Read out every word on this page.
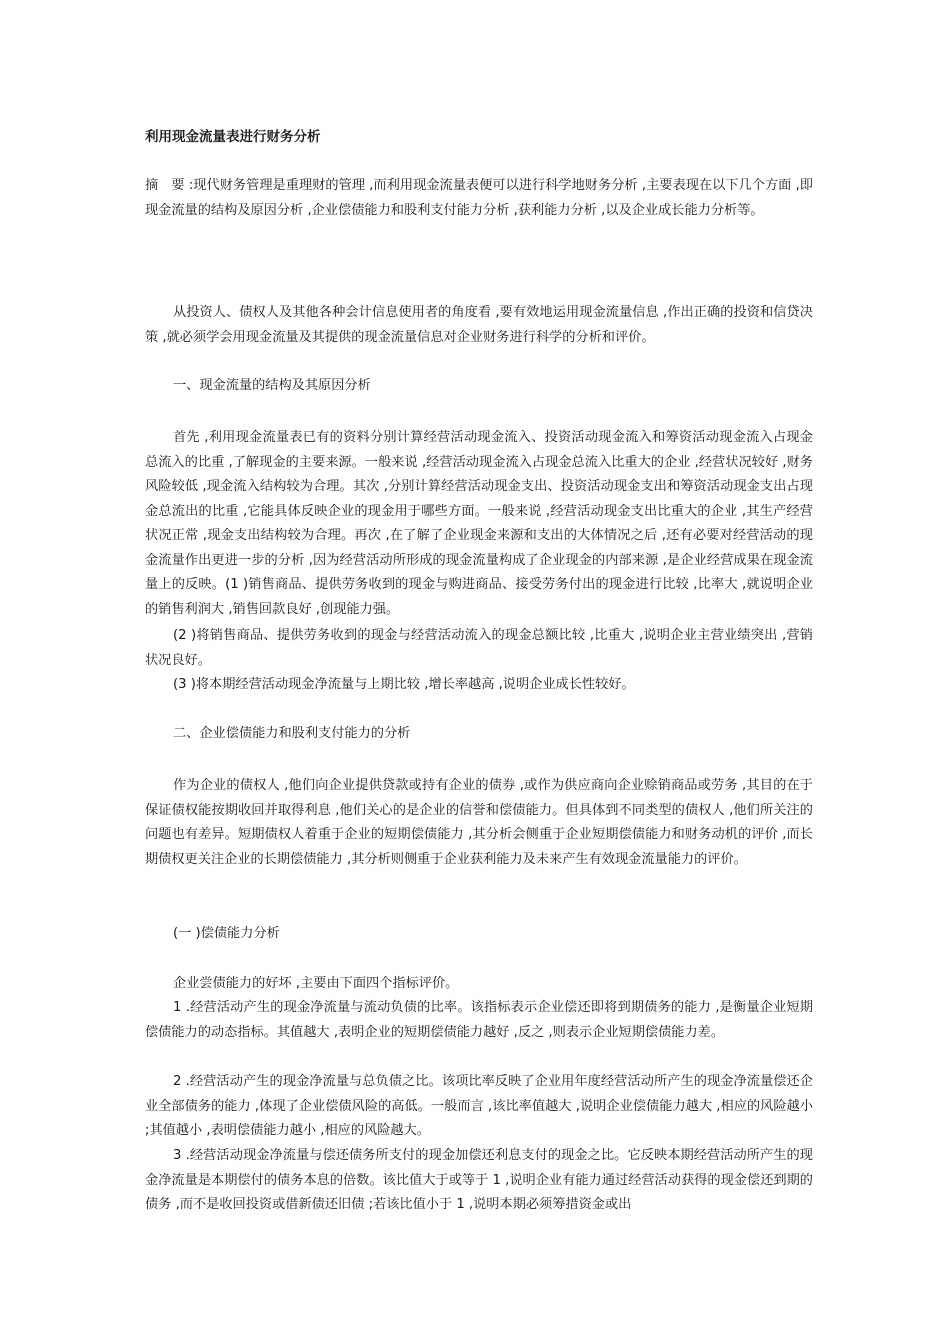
利用现金流量表进行财务分析

摘　要 :现代财务管理是重理财的管理 ,而利用现金流量表便可以进行科学地财务分析 ,主要表现在以下几个方面 ,即现金流量的结构及原因分析 ,企业偿债能力和股利支付能力分析 ,获利能力分析 ,以及企业成长能力分析等。

从投资人、债权人及其他各种会计信息使用者的角度看 ,要有效地运用现金流量信息 ,作出正确的投资和信贷决策 ,就必须学会用现金流量及其提供的现金流量信息对企业财务进行科学的分析和评价。

一、现金流量的结构及其原因分析

首先 ,利用现金流量表已有的资料分别计算经营活动现金流入、投资活动现金流入和筹资活动现金流入占现金总流入的比重 ,了解现金的主要来源。一般来说 ,经营活动现金流入占现金总流入比重大的企业 ,经营状况较好 ,财务风险较低 ,现金流入结构较为合理。其次 ,分别计算经营活动现金支出、投资活动现金支出和筹资活动现金支出占现金总流出的比重 ,它能具体反映企业的现金用于哪些方面。一般来说 ,经营活动现金支出比重大的企业 ,其生产经营状况正常 ,现金支出结构较为合理。再次 ,在了解了企业现金来源和支出的大体情况之后 ,还有必要对经营活动的现金流量作出更进一步的分析 ,因为经营活动所形成的现金流量构成了企业现金的内部来源 ,是企业经营成果在现金流量上的反映。(1 )销售商品、提供劳务收到的现金与购进商品、接受劳务付出的现金进行比较 ,比率大 ,就说明企业的销售利润大 ,销售回款良好 ,创现能力强。

(2 )将销售商品、提供劳务收到的现金与经营活动流入的现金总额比较 ,比重大 ,说明企业主营业绩突出 ,营销状况良好。

(3 )将本期经营活动现金净流量与上期比较 ,增长率越高 ,说明企业成长性较好。

二、企业偿债能力和股利支付能力的分析

作为企业的债权人 ,他们向企业提供贷款或持有企业的债券 ,或作为供应商向企业赊销商品或劳务 ,其目的在于保证债权能按期收回并取得利息 ,他们关心的是企业的信誉和偿债能力。但具体到不同类型的债权人 ,他们所关注的问题也有差异。短期债权人着重于企业的短期偿债能力 ,其分析会侧重于企业短期偿债能力和财务动机的评价 ,而长期债权更关注企业的长期偿债能力 ,其分析则侧重于企业获利能力及未来产生有效现金流量能力的评价。

(一 )偿债能力分析

企业尝债能力的好坏 ,主要由下面四个指标评价。

1 .经营活动产生的现金净流量与流动负债的比率。该指标表示企业偿还即将到期债务的能力 ,是衡量企业短期偿债能力的动态指标。其值越大 ,表明企业的短期偿债能力越好 ,反之 ,则表示企业短期偿债能力差。

2 .经营活动产生的现金净流量与总负债之比。该项比率反映了企业用年度经营活动所产生的现金净流量偿还企业全部债务的能力 ,体现了企业偿债风险的高低。一般而言 ,该比率值越大 ,说明企业偿债能力越大 ,相应的风险越小 ;其值越小 ,表明偿债能力越小 ,相应的风险越大。

3 .经营活动现金净流量与偿还债务所支付的现金加偿还利息支付的现金之比。它反映本期经营活动所产生的现金净流量是本期偿付的债务本息的倍数。该比值大于或等于 1 ,说明企业有能力通过经营活动获得的现金偿还到期的债务 ,而不是收回投资或借新债还旧债 ;若该比值小于 1 ,说明本期必须筹措资金或出
